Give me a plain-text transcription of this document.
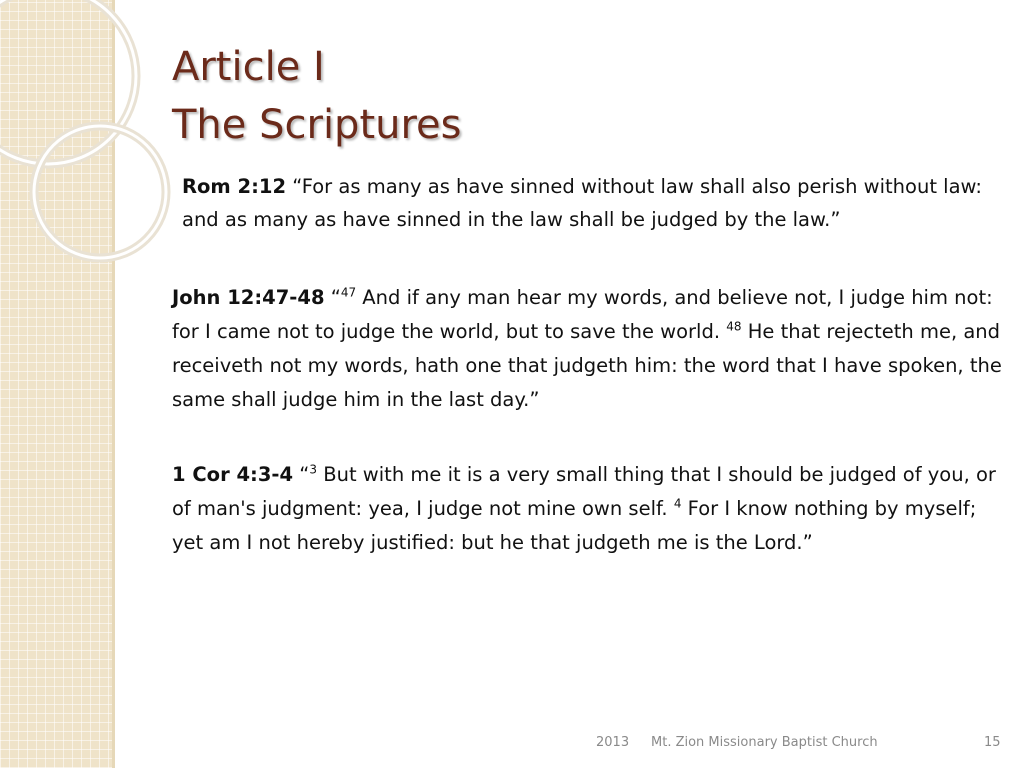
Article I
The Scriptures

Rom 2:12 “For as many as have sinned without law shall also perish without law: and as many as have sinned in the law shall be judged by the law.”

John 12:47-48 “$^{47}$ And if any man hear my words, and believe not, I judge him not: for I came not to judge the world, but to save the world. $^{48}$ He that rejecteth me, and receiveth not my words, hath one that judgeth him: the word that I have spoken, the same shall judge him in the last day.”

1 Cor 4:3-4 “$^3$ But with me it is a very small thing that I should be judged of you, or of man's judgment: yea, I judge not mine own self. $^4$ For I know nothing by myself; yet am I not hereby justified: but he that judgeth me is the Lord.”

2013 Mt. Zion Missionary Baptist Church	15
